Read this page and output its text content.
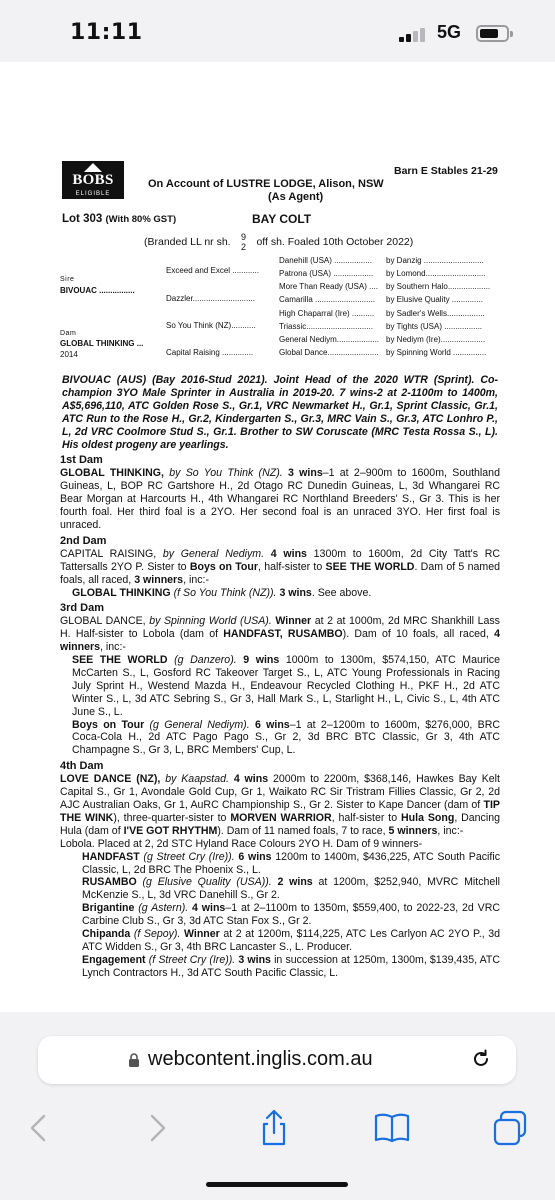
11:11	5G
BOBS
ELIGIBLE
Barn E Stables 21-29
On Account of LUSTRE LODGE, Alison, NSW
(As Agent)
Lot 303 (With 80% GST)	BAY COLT
(Branded LL nr sh. 9
2 off sh. Foaled 10th October 2022)
Sire
BIVOUAC ................
Dam
GLOBAL THINKING ...
2014
Exceed and Excel ............
Dazzler............................
So You Think (NZ)...........
Capital Raising ..............
Danehill (USA) .................
Patrona (USA) ..................
More Than Ready (USA) ....
Camarilla ...........................
High Chaparral (Ire) ..........
Triassic..............................
General Nediym...................
Global Dance.......................
by Danzig ...........................
by Lomond...........................
by Southern Halo...................
by Elusive Quality ..............
by Sadler's Wells.................
by Tights (USA) .................
by Nediym (Ire)....................
by Spinning World ...............

BIVOUAC (AUS) (Bay 2016-Stud 2021). Joint Head of the 2020 WTR (Sprint). Co-champion 3YO Male Sprinter in Australia in 2019-20. 7 wins-2 at 2-1100m to 1400m, A$5,696,110, ATC Golden Rose S., Gr.1, VRC Newmarket H., Gr.1, Sprint Classic, Gr.1, ATC Run to the Rose H., Gr.2, Kindergarten S., Gr.3, MRC Vain S., Gr.3, ATC Lonhro P., L, 2d VRC Coolmore Stud S., Gr.1. Brother to SW Coruscate (MRC Testa Rossa S., L). His oldest progeny are yearlings.

1st Dam

GLOBAL THINKING, by So You Think (NZ). 3 wins–1 at 2–900m to 1600m, Southland Guineas, L, BOP RC Gartshore H., 2d Otago RC Dunedin Guineas, L, 3d Whangarei RC Bear Morgan at Harcourts H., 4th Whangarei RC Northland Breeders' S., Gr 3. This is her fourth foal. Her third foal is a 2YO. Her second foal is an unraced 3YO. Her first foal is unraced.

2nd Dam

CAPITAL RAISING, by General Nediym. 4 wins 1300m to 1600m, 2d City Tatt's RC Tattersalls 2YO P. Sister to Boys on Tour, half-sister to SEE THE WORLD. Dam of 5 named foals, all raced, 3 winners, inc:-

GLOBAL THINKING (f So You Think (NZ)). 3 wins. See above.

3rd Dam

GLOBAL DANCE, by Spinning World (USA). Winner at 2 at 1000m, 2d MRC Shankhill Lass H. Half-sister to Lobola (dam of HANDFAST, RUSAMBO). Dam of 10 foals, all raced, 4 winners, inc:-

SEE THE WORLD (g Danzero). 9 wins 1000m to 1300m, $574,150, ATC Maurice McCarten S., L, Gosford RC Takeover Target S., L, ATC Young Professionals in Racing July Sprint H., Westend Mazda H., Endeavour Recycled Clothing H., PKF H., 2d ATC Winter S., L, 3d ATC Sebring S., Gr 3, Hall Mark S., L, Starlight H., L, Civic S., L, 4th ATC June S., L.

Boys on Tour (g General Nediym). 6 wins–1 at 2–1200m to 1600m, $276,000, BRC Coca-Cola H., 2d ATC Pago Pago S., Gr 2, 3d BRC BTC Classic, Gr 3, 4th ATC Champagne S., Gr 3, L, BRC Members' Cup, L.

4th Dam

LOVE DANCE (NZ), by Kaapstad. 4 wins 2000m to 2200m, $368,146, Hawkes Bay Kelt Capital S., Gr 1, Avondale Gold Cup, Gr 1, Waikato RC Sir Tristram Fillies Classic, Gr 2, 2d AJC Australian Oaks, Gr 1, AuRC Championship S., Gr 2. Sister to Kape Dancer (dam of TIP THE WINK), three-quarter-sister to MORVEN WARRIOR, half-sister to Hula Song, Dancing Hula (dam of I'VE GOT RHYTHM). Dam of 11 named foals, 7 to race, 5 winners, inc:-

Lobola. Placed at 2, 2d STC Hyland Race Colours 2YO H. Dam of 9 winners-

HANDFAST (g Street Cry (Ire)). 6 wins 1200m to 1400m, $436,225, ATC South Pacific Classic, L, 2d BRC The Phoenix S., L.

RUSAMBO (g Elusive Quality (USA)). 2 wins at 1200m, $252,940, MVRC Mitchell McKenzie S., L, 3d VRC Danehill S., Gr 2.

Brigantine (g Astern). 4 wins–1 at 2–1100m to 1350m, $559,400, to 2022-23, 2d VRC Carbine Club S., Gr 3, 3d ATC Stan Fox S., Gr 2.

Chipanda (f Sepoy). Winner at 2 at 1200m, $114,225, ATC Les Carlyon AC 2YO P., 3d ATC Widden S., Gr 3, 4th BRC Lancaster S., L. Producer.

Engagement (f Street Cry (Ire)). 3 wins in succession at 1250m, 1300m, $139,435, ATC Lynch Contractors H., 3d ATC South Pacific Classic, L.

webcontent.inglis.com.au
